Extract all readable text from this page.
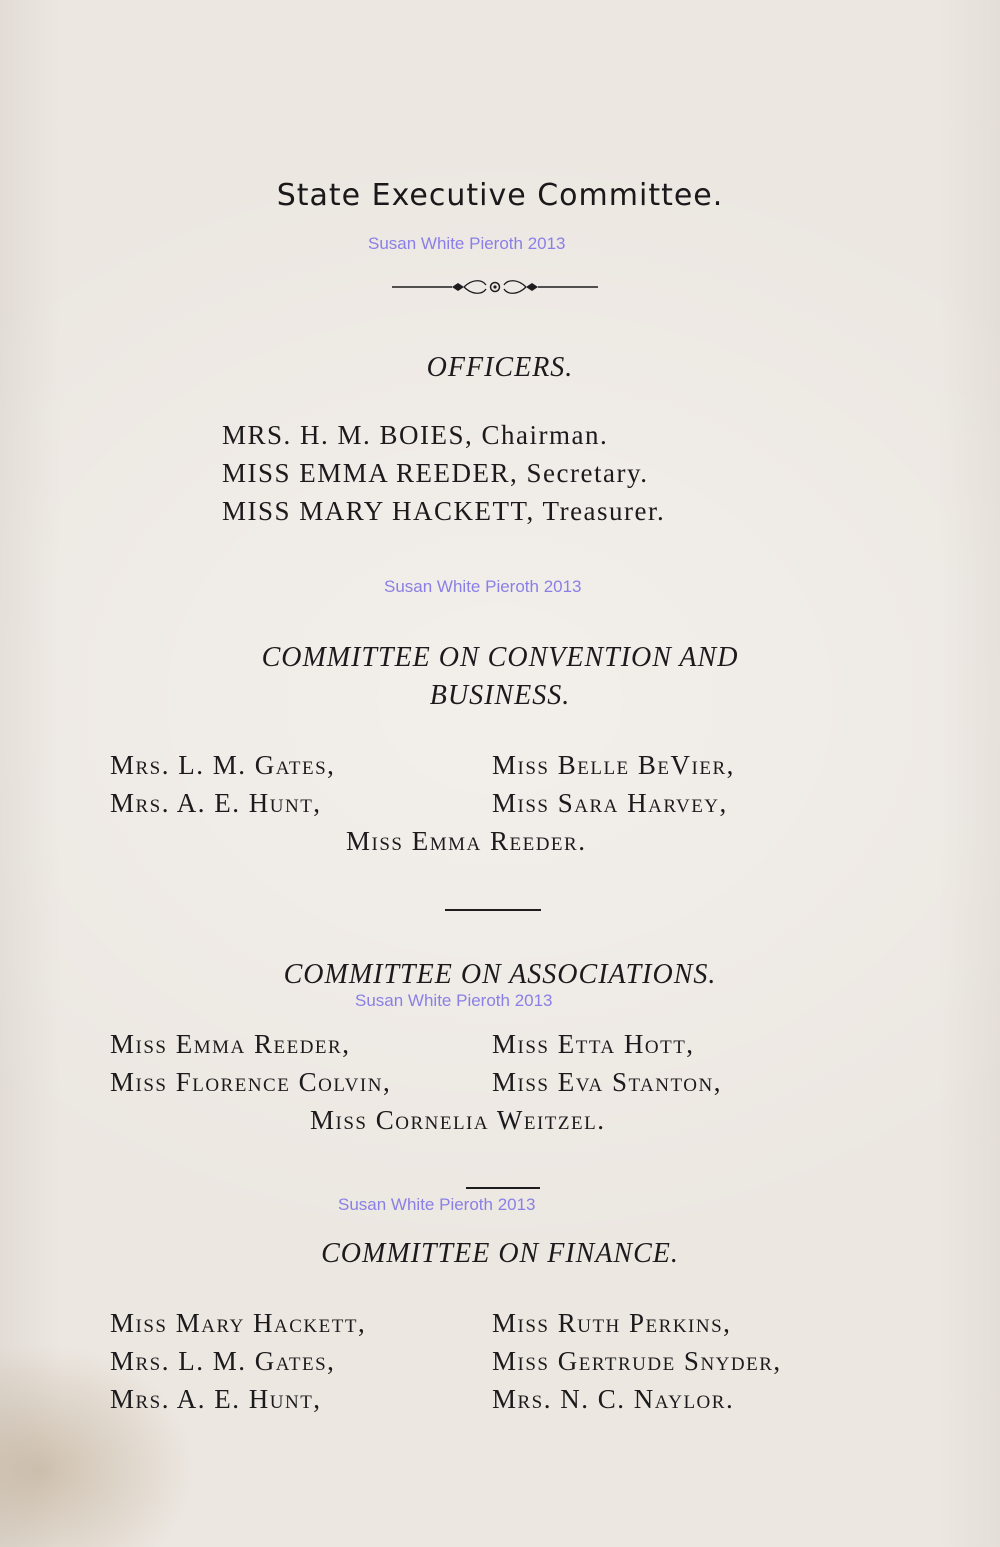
State Executive Committee.
Susan White Pieroth 2013
OFFICERS.
MRS. H. M. BOIES, Chairman.
MISS EMMA REEDER, Secretary.
MISS MARY HACKETT, Treasurer.
Susan White Pieroth 2013
COMMITTEE ON CONVENTION AND
BUSINESS.
Mrs. L. M. Gates,	Miss Belle BeVier,
Mrs. A. E. Hunt,	Miss Sara Harvey,
Miss Emma Reeder.
COMMITTEE ON ASSOCIATIONS.
Susan White Pieroth 2013
Miss Emma Reeder,	Miss Etta Hott,
Miss Florence Colvin,	Miss Eva Stanton,
Miss Cornelia Weitzel.
Susan White Pieroth 2013
COMMITTEE ON FINANCE.
Miss Mary Hackett,	Miss Ruth Perkins,
Mrs. L. M. Gates,	Miss Gertrude Snyder,
Mrs. A. E. Hunt,	Mrs. N. C. Naylor.
